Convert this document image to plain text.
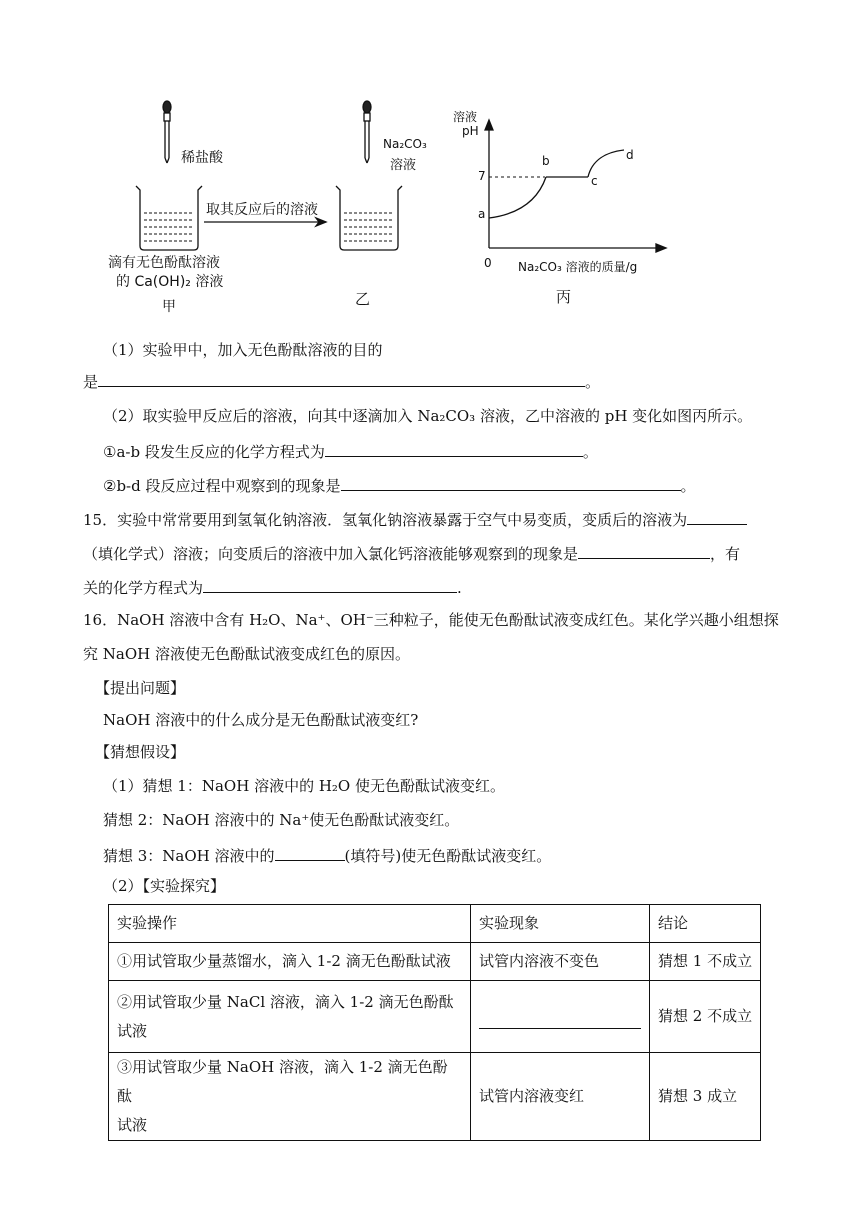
稀盐酸
滴有无色酚酞溶液
的 Ca(OH)₂ 溶液
甲
取其反应后的溶液
Na₂CO₃
溶液
乙
溶液
pH
7
0 Na₂CO₃ 溶液的质量/g
a
b
c
d
丙
（1）实验甲中，加入无色酚酞溶液的目的
是	。
（2）取实验甲反应后的溶液，向其中逐滴加入 Na₂CO₃ 溶液，乙中溶液的 pH 变化如图丙所示。
①a-b 段发生反应的化学方程式为	。
②b-d 段反应过程中观察到的现象是	。
15．实验中常常要用到氢氧化钠溶液．氢氧化钠溶液暴露于空气中易变质，变质后的溶液为
（填化学式）溶液；向变质后的溶液中加入氯化钙溶液能够观察到的现象是	，有
关的化学方程式为	.
16．NaOH 溶液中含有 H₂O、Na⁺、OH⁻三种粒子，能使无色酚酞试液变成红色。某化学兴趣小组想探
究 NaOH 溶液使无色酚酞试液变成红色的原因。
【提出问题】
NaOH 溶液中的什么成分是无色酚酞试液变红?
【猜想假设】
（1）猜想 1：NaOH 溶液中的 H₂O 使无色酚酞试液变红。
猜想 2：NaOH 溶液中的 Na⁺使无色酚酞试液变红。
猜想 3：NaOH 溶液中的	(填符号)使无色酚酞试液变红。
（2）【实验探究】
实验操作	实验现象	结论
①用试管取少量蒸馏水，滴入 1-2 滴无色酚酞试液	试管内溶液不变色	猜想 1 不成立

②用试管取少量 NaCl 溶液，滴入 1-2 滴无色酚酞
试液		猜想 2 不成立

③用试管取少量 NaOH 溶液，滴入 1-2 滴无色酚酞
试液	试管内溶液变红	猜想 3 成立
